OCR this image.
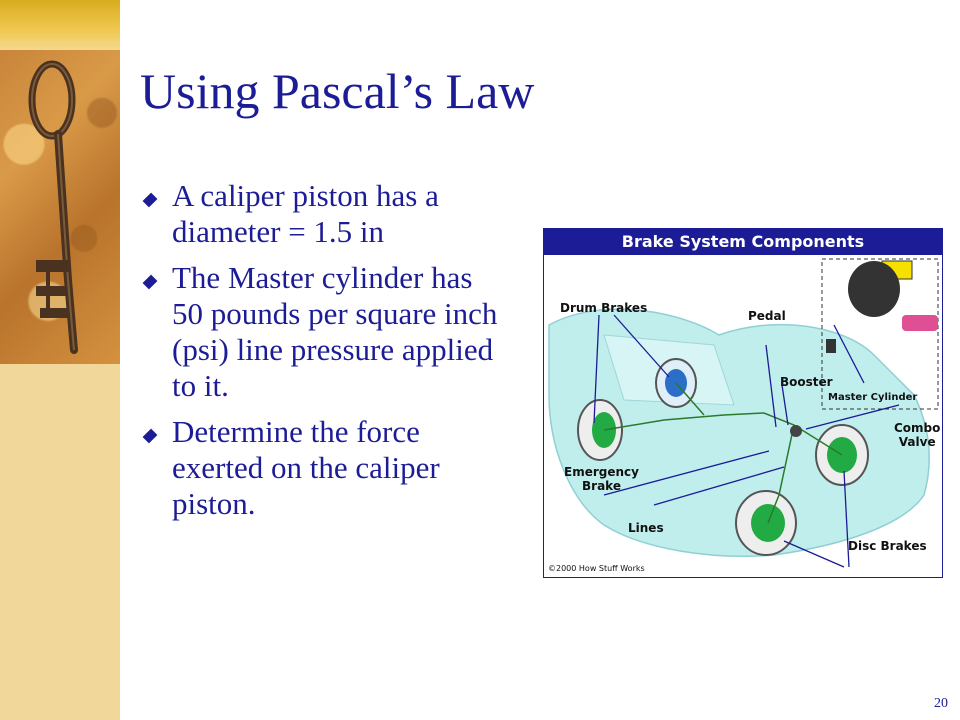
Using Pascal’s Law
A caliper piston has a diameter = 1.5 in
The Master cylinder has 50 pounds per square inch (psi) line pressure applied to it.
Determine the force exerted on the caliper piston.
Brake System Components
Drum Brakes
Pedal
Booster
Master Cylinder
Combo
Valve
Emergency
Brake
Lines
Disc Brakes
©2000 How Stuff Works
20
